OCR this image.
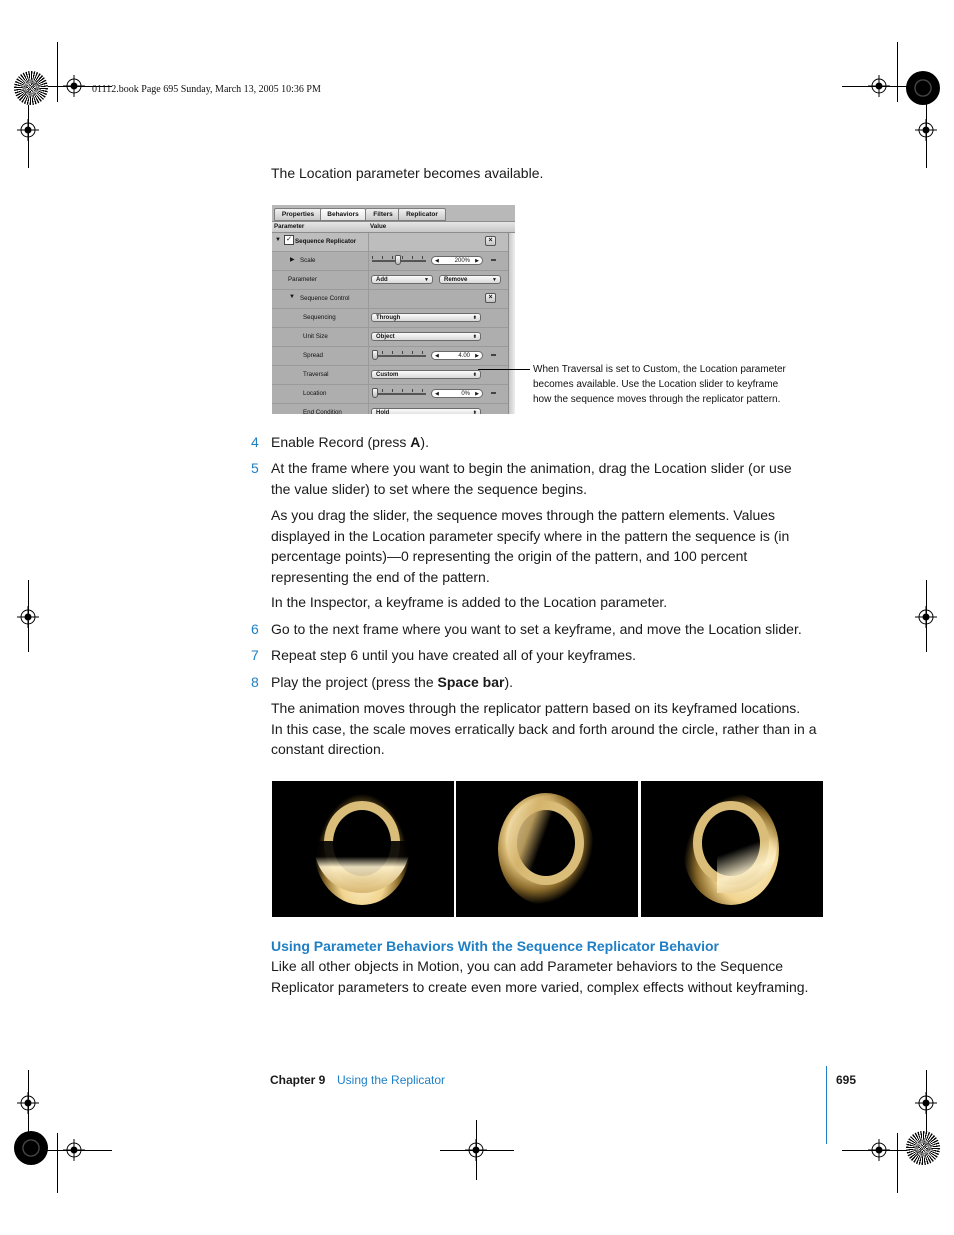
01112.book Page 695 Sunday, March 13, 2005 10:36 PM
The Location parameter becomes available.
Properties	Behaviors	Filters	Replicator
Parameter	Value
▼ ✓ Sequence Replicator	×
▶ Scale	◀	200% ▶
Parameter	Add	▼	Remove	▼
▼ Sequence Control	×
Sequencing	Through	⬍
Unit Size	Object	⬍
Spread	◀	4.00 ▶
Traversal	Custom	⬍
Location	◀	0% ▶
End Condition	Hold	⬍
When Traversal is set to Custom, the Location parameter
becomes available. Use the Location slider to keyframe
how the sequence moves through the replicator pattern.
4 Enable Record (press A).
5 At the frame where you want to begin the animation, drag the Location slider (or use
the value slider) to set where the sequence begins.
As you drag the slider, the sequence moves through the pattern elements. Values
displayed in the Location parameter specify where in the pattern the sequence is (in
percentage points)—0 representing the origin of the pattern, and 100 percent
representing the end of the pattern.
In the Inspector, a keyframe is added to the Location parameter.
6 Go to the next frame where you want to set a keyframe, and move the Location slider.
7 Repeat step 6 until you have created all of your keyframes.
8 Play the project (press the Space bar).
The animation moves through the replicator pattern based on its keyframed locations.
In this case, the scale moves erratically back and forth around the circle, rather than in a
constant direction.
Using Parameter Behaviors With the Sequence Replicator Behavior
Like all other objects in Motion, you can add Parameter behaviors to the Sequence
Replicator parameters to create even more varied, complex effects without keyframing.
Chapter 9 Using the Replicator	695
